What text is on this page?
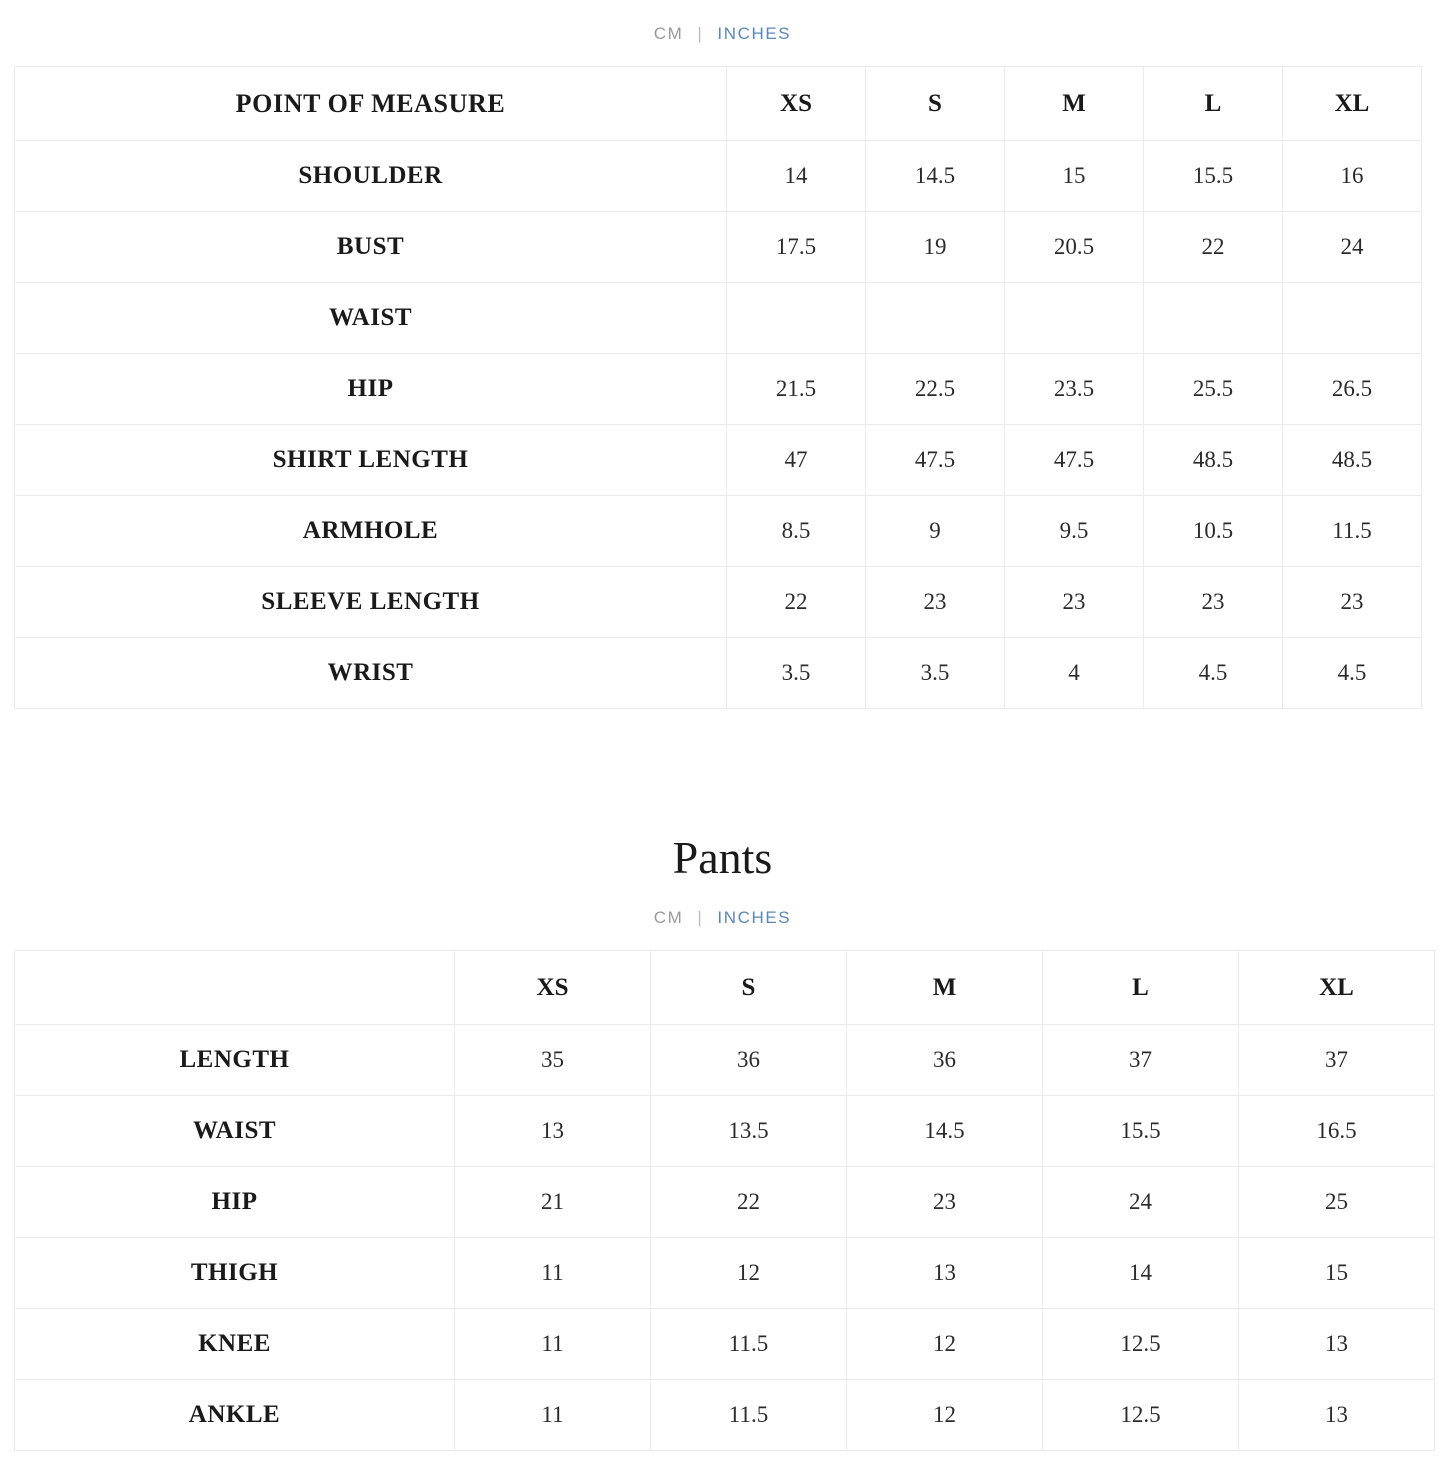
CM | INCHES
POINT OF MEASURE	XS	S	M	L	XL
SHOULDER	14	14.5	15	15.5	16
BUST	17.5	19	20.5	22	24
WAIST					
HIP	21.5	22.5	23.5	25.5	26.5
SHIRT LENGTH	47	47.5	47.5	48.5	48.5
ARMHOLE	8.5	9	9.5	10.5	11.5
SLEEVE LENGTH	22	23	23	23	23
WRIST	3.5	3.5	4	4.5	4.5
Pants
CM | INCHES
	XS	S	M	L	XL
LENGTH	35	36	36	37	37
WAIST	13	13.5	14.5	15.5	16.5
HIP	21	22	23	24	25
THIGH	11	12	13	14	15
KNEE	11	11.5	12	12.5	13
ANKLE	11	11.5	12	12.5	13
